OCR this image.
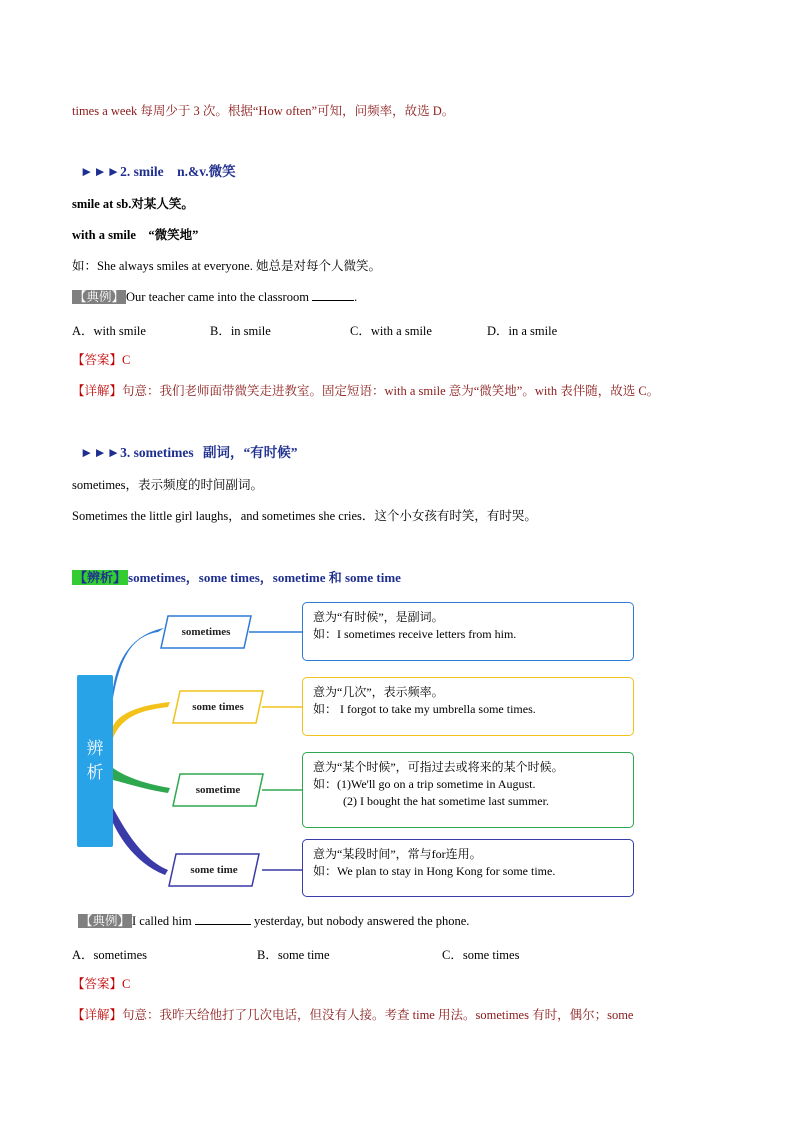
times a week 每周少于 3 次。根据“How often”可知，问频率，故选 D。
►►►2. smile　n.&v.微笑
smile at sb.对某人笑。
with a smile　“微笑地”
如：She always smiles at everyone. 她总是对每个人微笑。
【典例】 Our teacher came into the classroom	.
A．with smile	B．in smile	C．with a smile	D．in a smile
【答案】C
【详解】句意：我们老师面带微笑走进教室。固定短语：with a smile 意为“微笑地”。with 表伴随，故选 C。
►►►3. sometimes 副词，“有时候”
sometimes，表示频度的时间副词。
Sometimes the little girl laughs，and sometimes she cries．这个小女孩有时笑，有时哭。
【辨析】 sometimes，some times，sometime 和 some time
辨
析
sometimes
some times
sometime
some time
意为“有时候”，是副词。
如：I sometimes receive letters from him.
意为“几次”，表示频率。
如： I forgot to take my umbrella some times.
意为“某个时候”，可指过去或将来的某个时候。
如：(1)We'll go on a trip sometime in August.
(2) I bought the hat sometime last summer.
意为“某段时间”，常与for连用。
如：We plan to stay in Hong Kong for some time.
【典例】 I called him	yesterday, but nobody answered the phone.
A．sometimes	B．some time	C．some times
【答案】C
【详解】句意：我昨天给他打了几次电话，但没有人接。考查 time 用法。sometimes 有时，偶尔；some
